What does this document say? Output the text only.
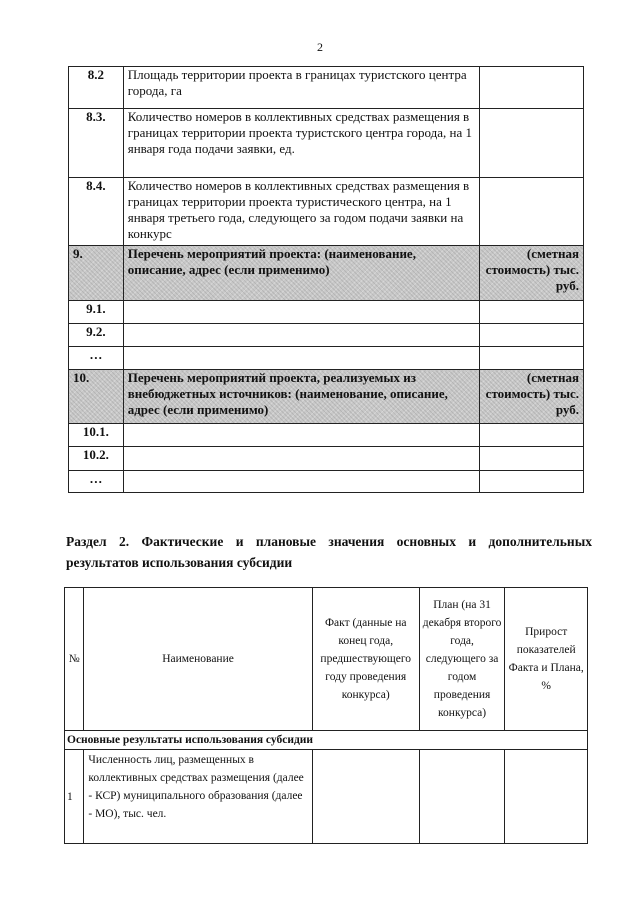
2
8.2	Площадь территории проекта в границах туристского центра города, га	
8.3.	Количество номеров в коллективных средствах размещения в границах территории проекта туристского центра города, на 1 января года подачи заявки, ед.	
8.4.	Количество номеров в коллективных средствах размещения в границах территории проекта туристического центра, на 1 января третьего года, следующего за годом подачи заявки на конкурс	
9.	Перечень мероприятий проекта: (наименование, описание, адрес (если применимо)	(сметная стоимость) тыс. руб.
9.1.		
9.2.		
…		
10.	Перечень мероприятий проекта, реализуемых из внебюджетных источников: (наименование, описание, адрес (если применимо)	(сметная стоимость) тыс. руб.
10.1.		
10.2.		
…		
Раздел 2. Фактические и плановые значения основных и дополнительных результатов использования субсидии
№	Наименование	Факт (данные на конец года, предшествующего году проведения конкурса)	План (на 31 декабря второго года, следующего за годом проведения конкурса)	Прирост показателей Факта и Плана, %
Основные результаты использования субсидии				
1	Численность лиц, размещенных в коллективных средствах размещения (далее - КСР) муниципального образования (далее - МО), тыс. чел.			
